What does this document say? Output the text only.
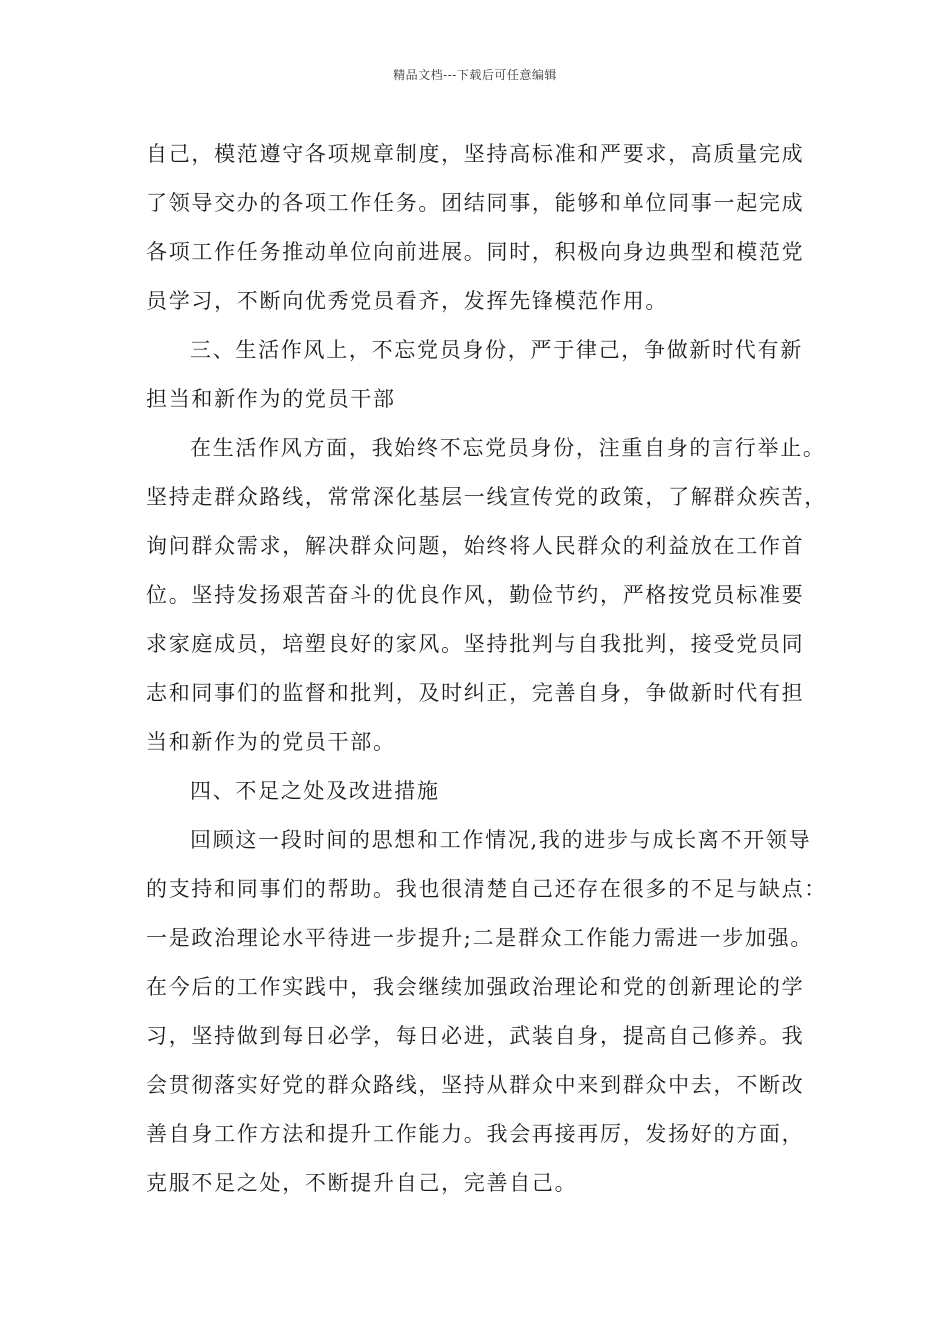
精品文档---下载后可任意编辑
自己，模范遵守各项规章制度，坚持高标准和严要求，高质量完成
了领导交办的各项工作任务。团结同事，能够和单位同事一起完成
各项工作任务推动单位向前进展。同时，积极向身边典型和模范党
员学习，不断向优秀党员看齐，发挥先锋模范作用。
三、生活作风上，不忘党员身份，严于律己，争做新时代有新
担当和新作为的党员干部
在生活作风方面，我始终不忘党员身份，注重自身的言行举止。
坚持走群众路线，常常深化基层一线宣传党的政策，了解群众疾苦，
询问群众需求，解决群众问题，始终将人民群众的利益放在工作首
位。坚持发扬艰苦奋斗的优良作风，勤俭节约，严格按党员标准要
求家庭成员，培塑良好的家风。坚持批判与自我批判，接受党员同
志和同事们的监督和批判，及时纠正，完善自身，争做新时代有担
当和新作为的党员干部。
四、不足之处及改进措施
回顾这一段时间的思想和工作情况,我的进步与成长离不开领导
的支持和同事们的帮助。我也很清楚自己还存在很多的不足与缺点：
一是政治理论水平待进一步提升;二是群众工作能力需进一步加强。
在今后的工作实践中，我会继续加强政治理论和党的创新理论的学
习，坚持做到每日必学，每日必进，武装自身，提高自己修养。我
会贯彻落实好党的群众路线，坚持从群众中来到群众中去，不断改
善自身工作方法和提升工作能力。我会再接再厉，发扬好的方面，
克服不足之处，不断提升自己，完善自己。
